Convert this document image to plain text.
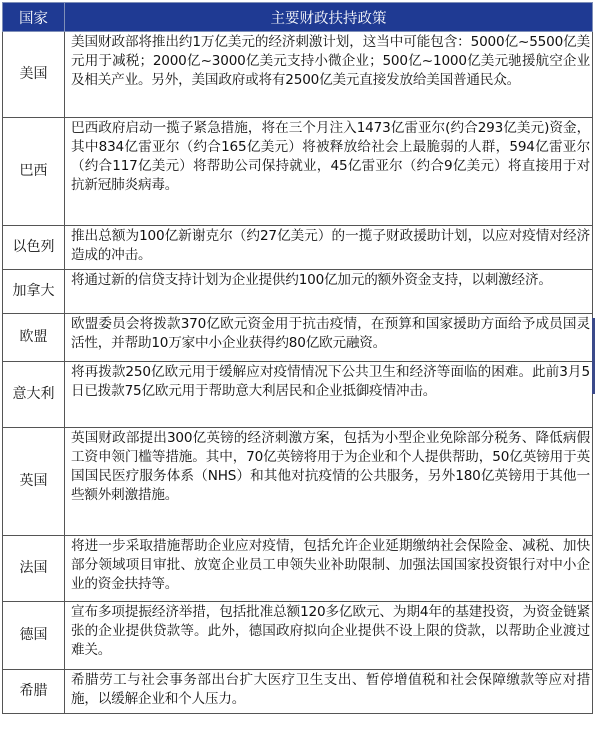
国家	主要财政扶持政策
美国	美国财政部将推出约1万亿美元的经济刺激计划，这当中可能包含：5000亿~5500亿美元用于减税；2000亿~3000亿美元支持小微企业；500亿~1000亿美元驰援航空企业及相关产业。另外，美国政府或将有2500亿美元直接发放给美国普通民众。
巴西	巴西政府启动一揽子紧急措施，将在三个月注入1473亿雷亚尔(约合293亿美元)资金，其中834亿雷亚尔（约合165亿美元）将被释放给社会上最脆弱的人群，594亿雷亚尔（约合117亿美元）将帮助公司保持就业，45亿雷亚尔（约合9亿美元）将直接用于对抗新冠肺炎病毒。
以色列	推出总额为100亿新谢克尔（约27亿美元）的一揽子财政援助计划，以应对疫情对经济造成的冲击。
加拿大	将通过新的信贷支持计划为企业提供约100亿加元的额外资金支持，以刺激经济。
欧盟	欧盟委员会将拨款370亿欧元资金用于抗击疫情，在预算和国家援助方面给予成员国灵活性，并帮助10万家中小企业获得约80亿欧元融资。
意大利	将再拨款250亿欧元用于缓解应对疫情情况下公共卫生和经济等面临的困难。此前3月5日已拨款75亿欧元用于帮助意大利居民和企业抵御疫情冲击。
英国	英国财政部提出300亿英镑的经济刺激方案，包括为小型企业免除部分税务、降低病假工资申领门槛等措施。其中，70亿英镑将用于为企业和个人提供帮助，50亿英镑用于英国国民医疗服务体系（NHS）和其他对抗疫情的公共服务，另外180亿英镑用于其他一些额外刺激措施。
法国	将进一步采取措施帮助企业应对疫情，包括允许企业延期缴纳社会保险金、减税、加快部分领域项目审批、放宽企业员工申领失业补助限制、加强法国国家投资银行对中小企业的资金扶持等。
德国	宣布多项提振经济举措，包括批准总额120多亿欧元、为期4年的基建投资，为资金链紧张的企业提供贷款等。此外，德国政府拟向企业提供不设上限的贷款，以帮助企业渡过难关。
希腊	希腊劳工与社会事务部出台扩大医疗卫生支出、暂停增值税和社会保障缴款等应对措施，以缓解企业和个人压力。
